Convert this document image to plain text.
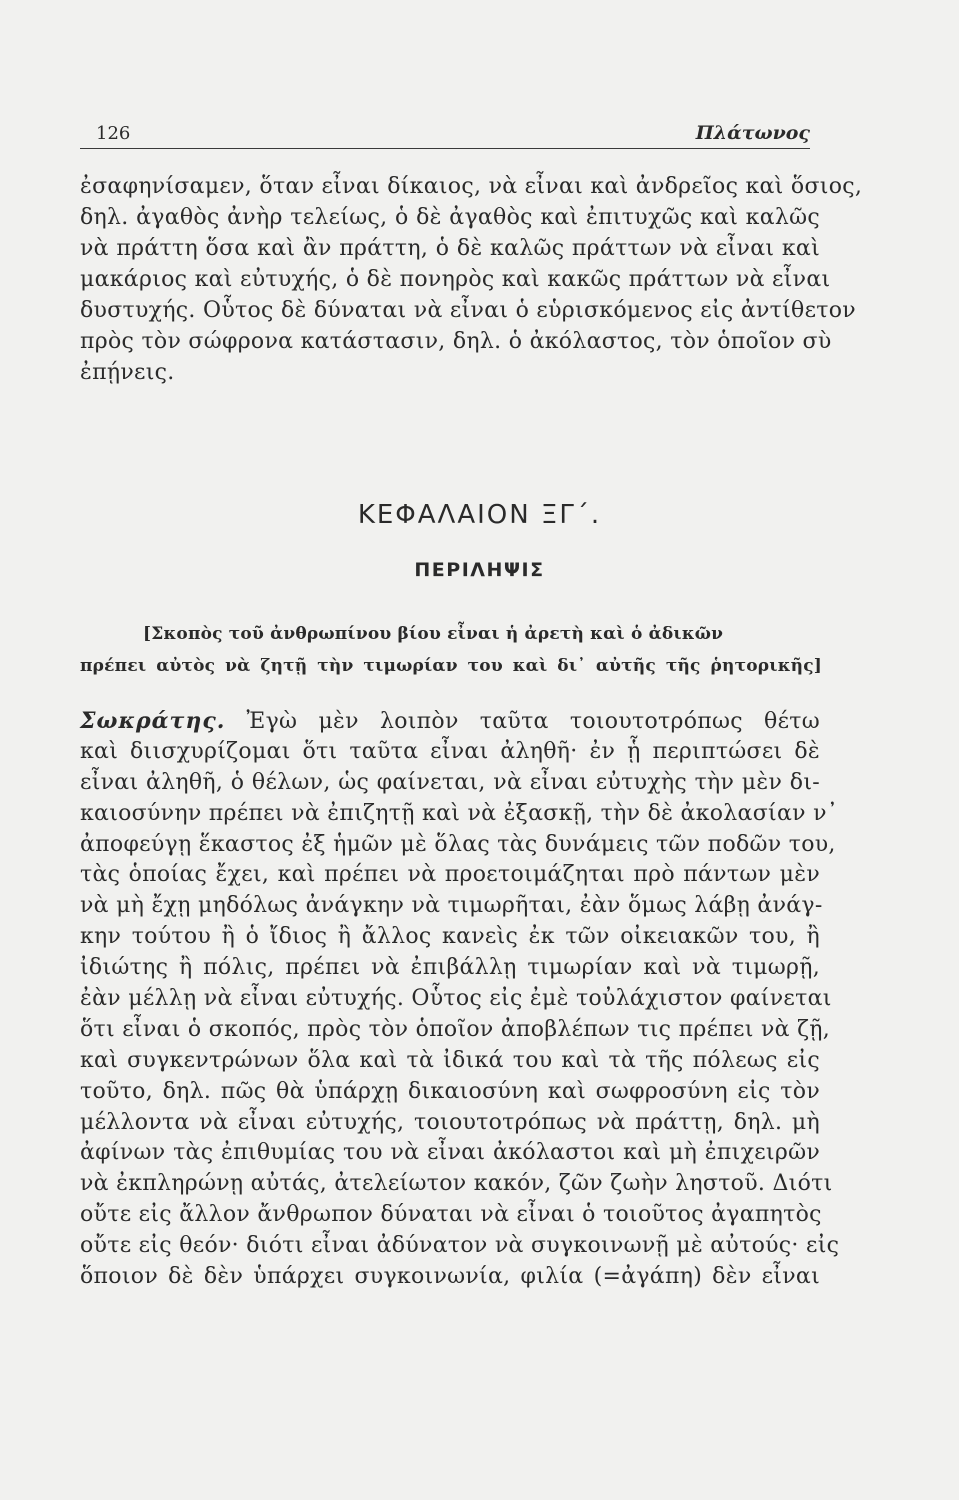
126	Πλάτωνος
ἐσαφηνίσαμεν, ὅταν εἶναι δίκαιος, νὰ εἶναι καὶ ἀνδρεῖος καὶ ὅσιος,
δηλ. ἀγαθὸς ἀνὴρ τελείως, ὁ δὲ ἀγαθὸς καὶ ἐπιτυχῶς καὶ καλῶς
νὰ πράττη ὅσα καὶ ἂν πράττη, ὁ δὲ καλῶς πράττων νὰ εἶναι καὶ
μακάριος καὶ εὐτυχής, ὁ δὲ πονηρὸς καὶ κακῶς πράττων νὰ εἶναι
δυστυχής. Οὗτος δὲ δύναται νὰ εἶναι ὁ εὑρισκόμενος εἰς ἀντίθετον
πρὸς τὸν σώφρονα κατάστασιν, δηλ. ὁ ἀκόλαστος, τὸν ὁποῖον σὺ
ἐπῄνεις.
ΚΕΦΑΛΑΙΟΝ ΞΓ΄.
ΠΕΡΙΛΗΨΙΣ
[Σκοπὸς τοῦ ἀνθρωπίνου βίου εἶναι ἡ ἀρετὴ καὶ ὁ ἀδικῶν
πρέπει αὐτὸς νὰ ζητῇ τὴν τιμωρίαν του καὶ δι᾽ αὐτῆς τῆς ῥητορικῆς]
Σωκράτης. Ἐγὼ μὲν λοιπὸν ταῦτα τοιουτοτρόπως θέτω
καὶ διισχυρίζομαι ὅτι ταῦτα εἶναι ἀληθῆ· ἐν ᾗ περιπτώσει δὲ
εἶναι ἀληθῆ, ὁ θέλων, ὡς φαίνεται, νὰ εἶναι εὐτυχὴς τὴν μὲν δι-
καιοσύνην πρέπει νὰ ἐπιζητῇ καὶ νὰ ἐξασκῇ, τὴν δὲ ἀκολασίαν ν᾽
ἀποφεύγῃ ἕκαστος ἐξ ἡμῶν μὲ ὅλας τὰς δυνάμεις τῶν ποδῶν του,
τὰς ὁποίας ἔχει, καὶ πρέπει νὰ προετοιμάζηται πρὸ πάντων μὲν
νὰ μὴ ἔχῃ μηδόλως ἀνάγκην νὰ τιμωρῆται, ἐὰν ὅμως λάβῃ ἀνάγ-
κην τούτου ἢ ὁ ἴδιος ἢ ἄλλος κανεὶς ἐκ τῶν οἰκειακῶν του, ἢ
ἰδιώτης ἢ πόλις, πρέπει νὰ ἐπιβάλλῃ τιμωρίαν καὶ νὰ τιμωρῇ,
ἐὰν μέλλῃ νὰ εἶναι εὐτυχής. Οὗτος εἰς ἐμὲ τοὐλάχιστον φαίνεται
ὅτι εἶναι ὁ σκοπός, πρὸς τὸν ὁποῖον ἀποβλέπων τις πρέπει νὰ ζῇ,
καὶ συγκεντρώνων ὅλα καὶ τὰ ἰδικά του καὶ τὰ τῆς πόλεως εἰς
τοῦτο, δηλ. πῶς θὰ ὑπάρχῃ δικαιοσύνη καὶ σωφροσύνη εἰς τὸν
μέλλοντα νὰ εἶναι εὐτυχής, τοιουτοτρόπως νὰ πράττῃ, δηλ. μὴ
ἀφίνων τὰς ἐπιθυμίας του νὰ εἶναι ἀκόλαστοι καὶ μὴ ἐπιχειρῶν
νὰ ἐκπληρώνῃ αὐτάς, ἀτελείωτον κακόν, ζῶν ζωὴν ληστοῦ. Διότι
οὔτε εἰς ἄλλον ἄνθρωπον δύναται νὰ εἶναι ὁ τοιοῦτος ἀγαπητὸς
οὔτε εἰς θεόν· διότι εἶναι ἀδύνατον νὰ συγκοινωνῇ μὲ αὐτούς· εἰς
ὅποιον δὲ δὲν ὑπάρχει συγκοινωνία, φιλία (=ἀγάπη) δὲν εἶναι
